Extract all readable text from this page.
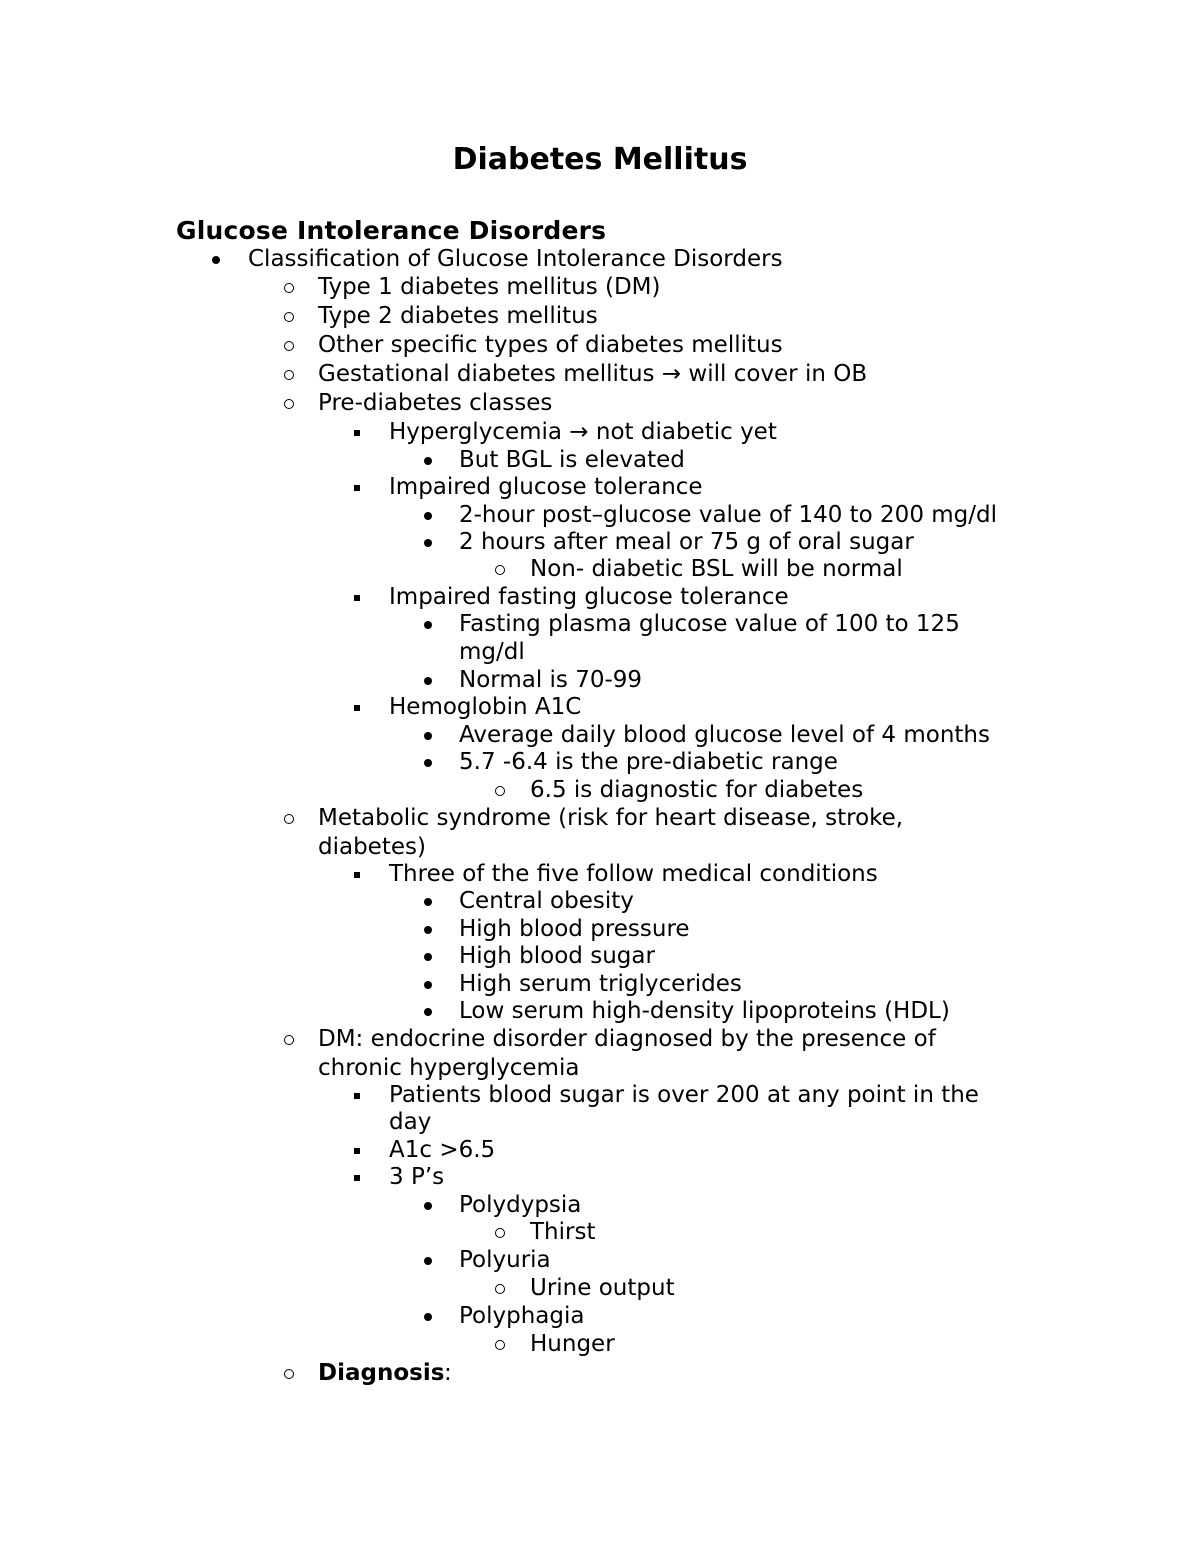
Diabetes Mellitus
Glucose Intolerance Disorders
Classification of Glucose Intolerance Disorders
Type 1 diabetes mellitus (DM)
Type 2 diabetes mellitus
Other specific types of diabetes mellitus
Gestational diabetes mellitus → will cover in OB
Pre-diabetes classes
Hyperglycemia → not diabetic yet
But BGL is elevated
Impaired glucose tolerance
2-hour post–glucose value of 140 to 200 mg/dl
2 hours after meal or 75 g of oral sugar
Non- diabetic BSL will be normal
Impaired fasting glucose tolerance
Fasting plasma glucose value of 100 to 125
mg/dl
Normal is 70-99
Hemoglobin A1C
Average daily blood glucose level of 4 months
5.7 -6.4 is the pre-diabetic range
6.5 is diagnostic for diabetes
Metabolic syndrome (risk for heart disease, stroke,
diabetes)
Three of the five follow medical conditions
Central obesity
High blood pressure
High blood sugar
High serum triglycerides
Low serum high-density lipoproteins (HDL)
DM: endocrine disorder diagnosed by the presence of
chronic hyperglycemia
Patients blood sugar is over 200 at any point in the
day
A1c >6.5
3 P’s
Polydypsia
Thirst
Polyuria
Urine output
Polyphagia
Hunger
Diagnosis :
